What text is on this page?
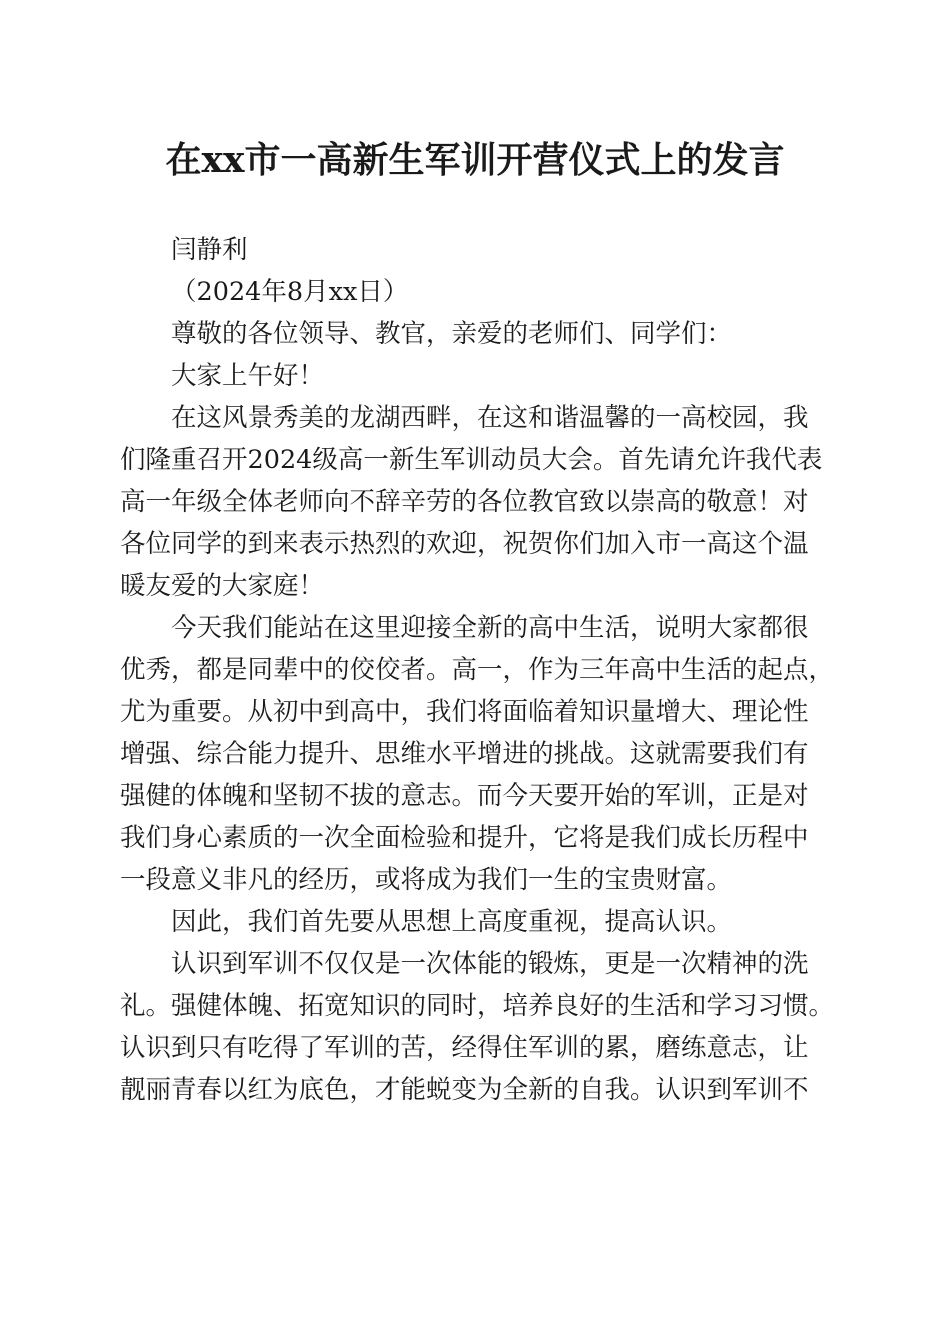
在xx市一高新生军训开营仪式上的发言

闫静利

（2024年8月xx日）

尊敬的各位领导、教官，亲爱的老师们、同学们：

大家上午好！

在这风景秀美的龙湖西畔，在这和谐温馨的一高校园，我
们隆重召开2024级高一新生军训动员大会。首先请允许我代表
高一年级全体老师向不辞辛劳的各位教官致以崇高的敬意！对
各位同学的到来表示热烈的欢迎，祝贺你们加入市一高这个温
暖友爱的大家庭！

今天我们能站在这里迎接全新的高中生活，说明大家都很
优秀，都是同辈中的佼佼者。高一，作为三年高中生活的起点，
尤为重要。从初中到高中，我们将面临着知识量增大、理论性
增强、综合能力提升、思维水平增进的挑战。这就需要我们有
强健的体魄和坚韧不拔的意志。而今天要开始的军训，正是对
我们身心素质的一次全面检验和提升，它将是我们成长历程中
一段意义非凡的经历，或将成为我们一生的宝贵财富。

因此，我们首先要从思想上高度重视，提高认识。

认识到军训不仅仅是一次体能的锻炼，更是一次精神的洗
礼。强健体魄、拓宽知识的同时，培养良好的生活和学习习惯。
认识到只有吃得了军训的苦，经得住军训的累，磨练意志，让
靓丽青春以红为底色，才能蜕变为全新的自我。认识到军训不
